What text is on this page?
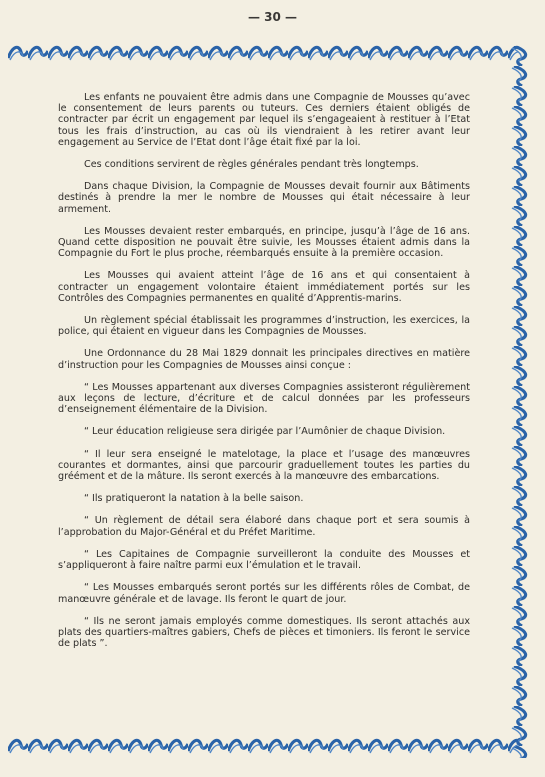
— 30 —

Les enfants ne pouvaient être admis dans une Compagnie de Mousses qu’avec le consentement de leurs parents ou tuteurs. Ces derniers étaient obligés de contracter par écrit un engagement par lequel ils s’engageaient à restituer à l’Etat tous les frais d’instruction, au cas où ils viendraient à les retirer avant leur engagement au Service de l’Etat dont l’âge était fixé par la loi.

Ces conditions servirent de règles générales pendant très longtemps.

Dans chaque Division, la Compagnie de Mousses devait fournir aux Bâtiments destinés à prendre la mer le nombre de Mousses qui était nécessaire à leur armement.

Les Mousses devaient rester embarqués, en principe, jusqu’à l’âge de 16 ans. Quand cette disposition ne pouvait être suivie, les Mousses étaient admis dans la Compagnie du Fort le plus proche, réembarqués ensuite à la première occasion.

Les Mousses qui avaient atteint l’âge de 16 ans et qui consentaient à contracter un engagement volontaire étaient immédiatement portés sur les Contrôles des Compagnies permanentes en qualité d’Apprentis-marins.

Un règlement spécial établissait les programmes d’instruction, les exercices, la police, qui étaient en vigueur dans les Compagnies de Mousses.

Une Ordonnance du 28 Mai 1829 donnait les principales directives en matière d’instruction pour les Compagnies de Mousses ainsi conçue :

“ Les Mousses appartenant aux diverses Compagnies assisteront régulièrement aux leçons de lecture, d’écriture et de calcul données par les professeurs d’enseignement élémentaire de la Division.

“ Leur éducation religieuse sera dirigée par l’Aumônier de chaque Division.

“ Il leur sera enseigné le matelotage, la place et l’usage des manœuvres courantes et dormantes, ainsi que parcourir graduellement toutes les parties du gréément et de la mâture. Ils seront exercés à la manœuvre des embarcations.

“ Ils pratiqueront la natation à la belle saison.

“ Un règlement de détail sera élaboré dans chaque port et sera soumis à l’approbation du Major-Général et du Préfet Maritime.

“ Les Capitaines de Compagnie surveilleront la conduite des Mousses et s’appliqueront à faire naître parmi eux l’émulation et le travail.

“ Les Mousses embarqués seront portés sur les différents rôles de Combat, de manœuvre générale et de lavage. Ils feront le quart de jour.

“ Ils ne seront jamais employés comme domestiques. Ils seront attachés aux plats des quartiers-maîtres gabiers, Chefs de pièces et timoniers. Ils feront le service de plats ”.
